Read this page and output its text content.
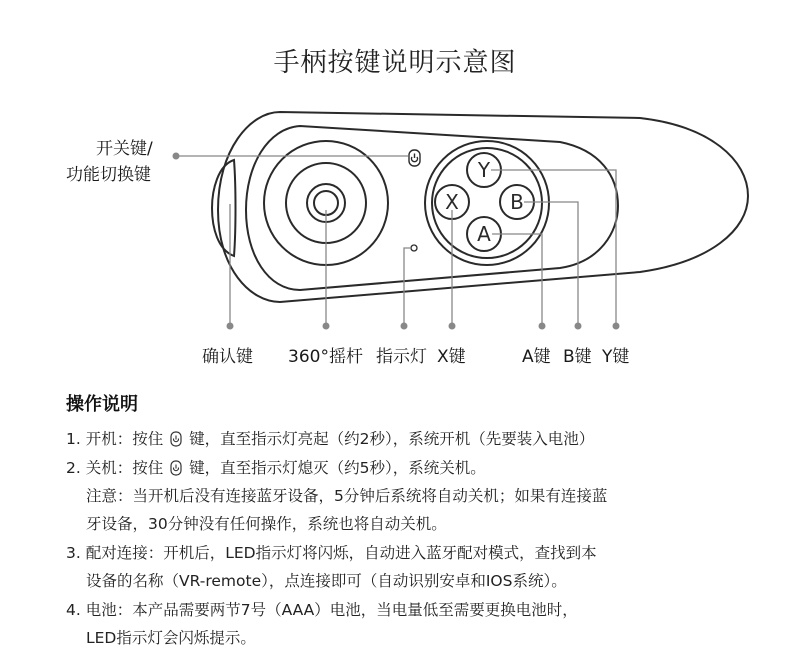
手柄按键说明示意图
Y
X	B
A
开关键/
功能切换键
确认键 360°摇杆 指示灯 X键	A键 B键 Y键
操作说明
1. 开机：按住 键，直至指示灯亮起（约2秒），系统开机（先要装入电池）
2. 关机：按住 键，直至指示灯熄灭（约5秒），系统关机。
注意：当开机后没有连接蓝牙设备，5分钟后系统将自动关机；如果有连接蓝
牙设备，30分钟没有任何操作，系统也将自动关机。
3. 配对连接：开机后，LED指示灯将闪烁，自动进入蓝牙配对模式，查找到本
设备的名称（VR-remote），点连接即可（自动识别安卓和IOS系统）。
4. 电池：本产品需要两节7号（AAA）电池，当电量低至需要更换电池时，
LED指示灯会闪烁提示。
